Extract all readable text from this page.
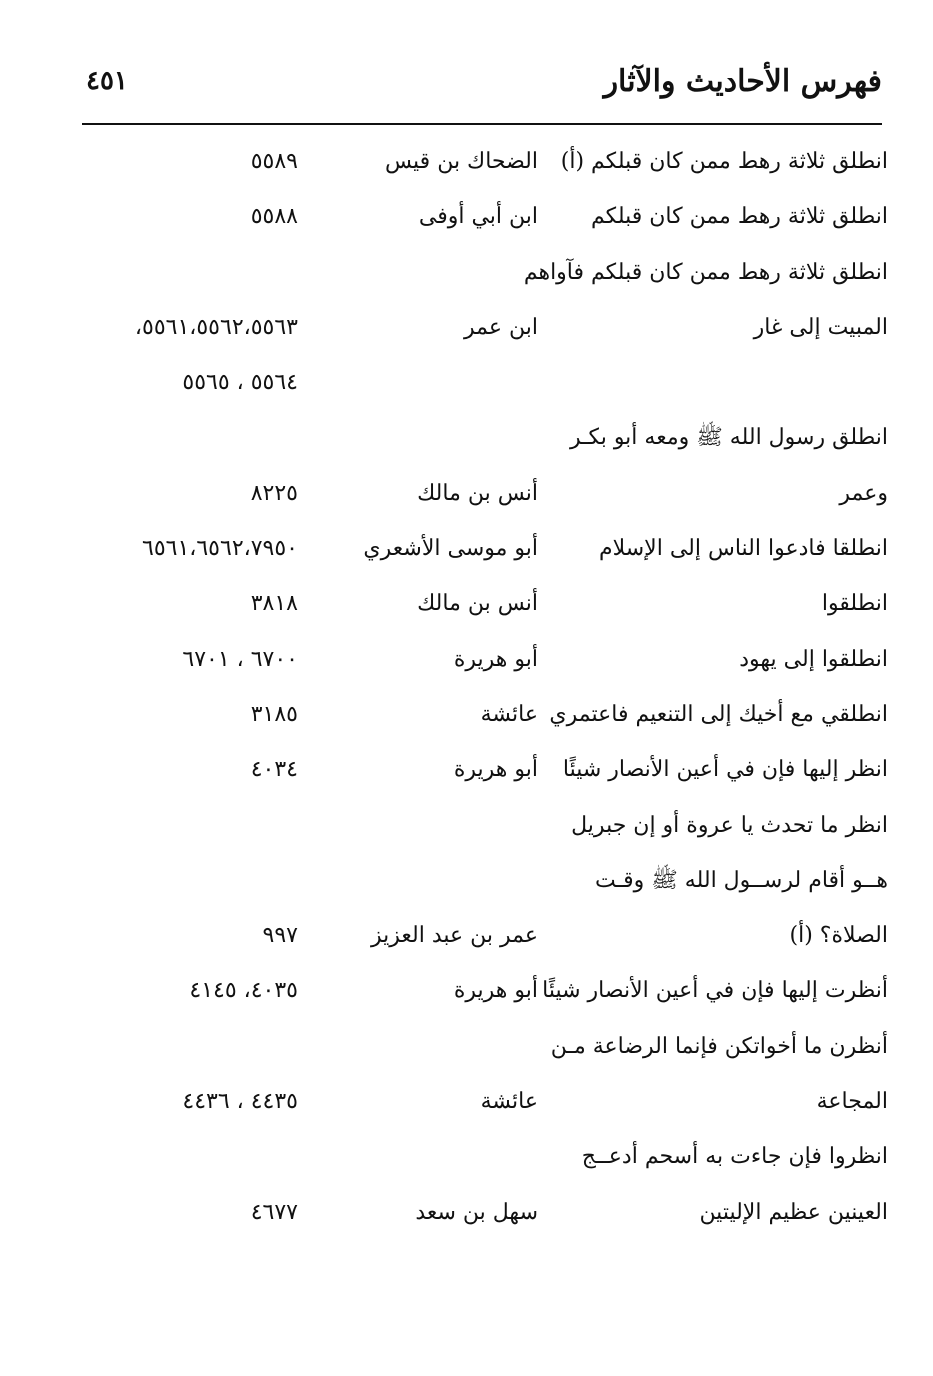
فهرس الأحاديث والآثار
٤٥١
انطلق ثلاثة رهط ممن كان قبلكم (أ)
الضحاك بن قيس
٥٥٨٩
انطلق ثلاثة رهط ممن كان قبلكم
ابن أبي أوفى
٥٥٨٨
انطلق ثلاثة رهط ممن كان قبلكم فآواهم
المبيت إلى غار
ابن عمر
٥٥٦١،٥٥٦٢،٥٥٦٣،
٥٥٦٤ ، ٥٥٦٥
انطلق رسول الله ﷺ ومعه أبو بكـر
وعمر
أنس بن مالك
٨٢٢٥
انطلقا فادعوا الناس إلى الإسلام
أبو موسى الأشعري
٦٥٦١،٦٥٦٢،٧٩٥٠
انطلقوا
أنس بن مالك
٣٨١٨
انطلقوا إلى يهود
أبو هريرة
٦٧٠٠ ، ٦٧٠١
انطلقي مع أخيك إلى التنعيم فاعتمري
عائشة
٣١٨٥
انظر إليها فإن في أعين الأنصار شيئًا
أبو هريرة
٤٠٣٤
انظر ما تحدث يا عروة أو إن جبريل
هــو أقام لرســول الله ﷺ وقـت
الصلاة؟ (أ)
عمر بن عبد العزيز
٩٩٧
أنظرت إليها فإن في أعين الأنصار شيئًا
أبو هريرة
٤٠٣٥، ٤١٤٥
أنظرن ما أخواتكن فإنما الرضاعة مـن
المجاعة
عائشة
٤٤٣٥ ، ٤٤٣٦
انظروا فإن جاءت به أسحم أدعــج
العينين عظيم الإليتين
سهل بن سعد
٤٦٧٧
